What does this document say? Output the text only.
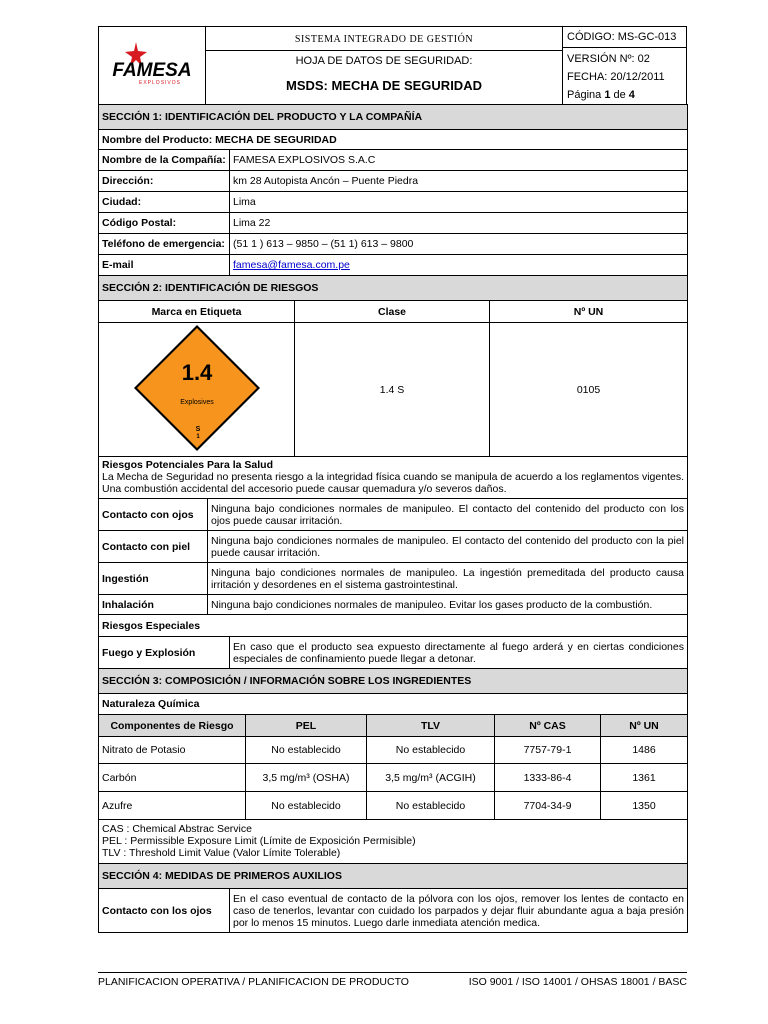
FAMESA
EXPLOSIVOS

SISTEMA INTEGRADO DE GESTIÓN
HOJA DE DATOS DE SEGURIDAD:
MSDS: MECHA DE SEGURIDAD

CÓDIGO: MS-GC-013
VERSIÓN Nº: 02
FECHA: 20/12/2011
Página 1 de 4
SECCIÓN 1: IDENTIFICACIÓN DEL PRODUCTO Y LA COMPAÑÍA	
Nombre del Producto: MECHA DE SEGURIDAD	
Nombre de la Compañía:	FAMESA EXPLOSIVOS S.A.C
Dirección:	km 28 Autopista Ancón – Puente Piedra
Ciudad:	Lima
Código Postal:	Lima 22
Teléfono de emergencia:	(51 1 ) 613 – 9850 – (51 1) 613 – 9800
E-mail	famesa@famesa.com.pe
SECCIÓN 2: IDENTIFICACIÓN DE RIESGOS		
Marca en Etiqueta	Clase	Nº UN

1.4
Explosives
S
1	1.4 S	0105
Riesgos Potenciales Para la Salud
La Mecha de Seguridad no presenta riesgo a la integridad física cuando se manipula de acuerdo a los reglamentos vigentes. Una combustión accidental del accesorio puede causar quemadura y/o severos daños.		

Contacto con ojos	Ninguna bajo condiciones normales de manipuleo. El contacto del contenido del producto con los ojos puede causar irritación.	
Contacto con piel	Ninguna bajo condiciones normales de manipuleo. El contacto del contenido del producto con la piel puede causar irritación.	
Ingestión	Ninguna bajo condiciones normales de manipuleo. La ingestión premeditada del producto causa irritación y desordenes en el sistema gastrointestinal.	
Inhalación	Ninguna bajo condiciones normales de manipuleo. Evitar los gases producto de la combustión.	
Riesgos Especiales		
Fuego y Explosión		En caso que el producto sea expuesto directamente al fuego arderá y en ciertas condiciones especiales de confinamiento puede llegar a detonar.
SECCIÓN 3: COMPOSICIÓN / INFORMACIÓN SOBRE LOS INGREDIENTES				
Naturaleza Química				
Componentes de Riesgo	PEL	TLV	Nº CAS	Nº UN
Nitrato de Potasio	No establecido	No establecido	7757-79-1	1486
Carbón	3,5 mg/m³ (OSHA)	3,5 mg/m³ (ACGIH)	1333-86-4	1361
Azufre	No establecido	No establecido	7704-34-9	1350

CAS : Chemical Abstrac Service
PEL : Permissible Exposure Limit (Límite de Exposición Permisible)
TLV : Threshold Limit Value (Valor Límite Tolerable)				
SECCIÓN 4: MEDIDAS DE PRIMEROS AUXILIOS
Contacto con los ojos	En el caso eventual de contacto de la pólvora con los ojos, remover los lentes de contacto en caso de tenerlos, levantar con cuidado los parpados y dejar fluir abundante agua a baja presión por lo menos 15 minutos. Luego darle inmediata atención medica.
PLANIFICACION OPERATIVA / PLANIFICACION DE PRODUCTO	ISO 9001 / ISO 14001 / OHSAS 18001 / BASC
